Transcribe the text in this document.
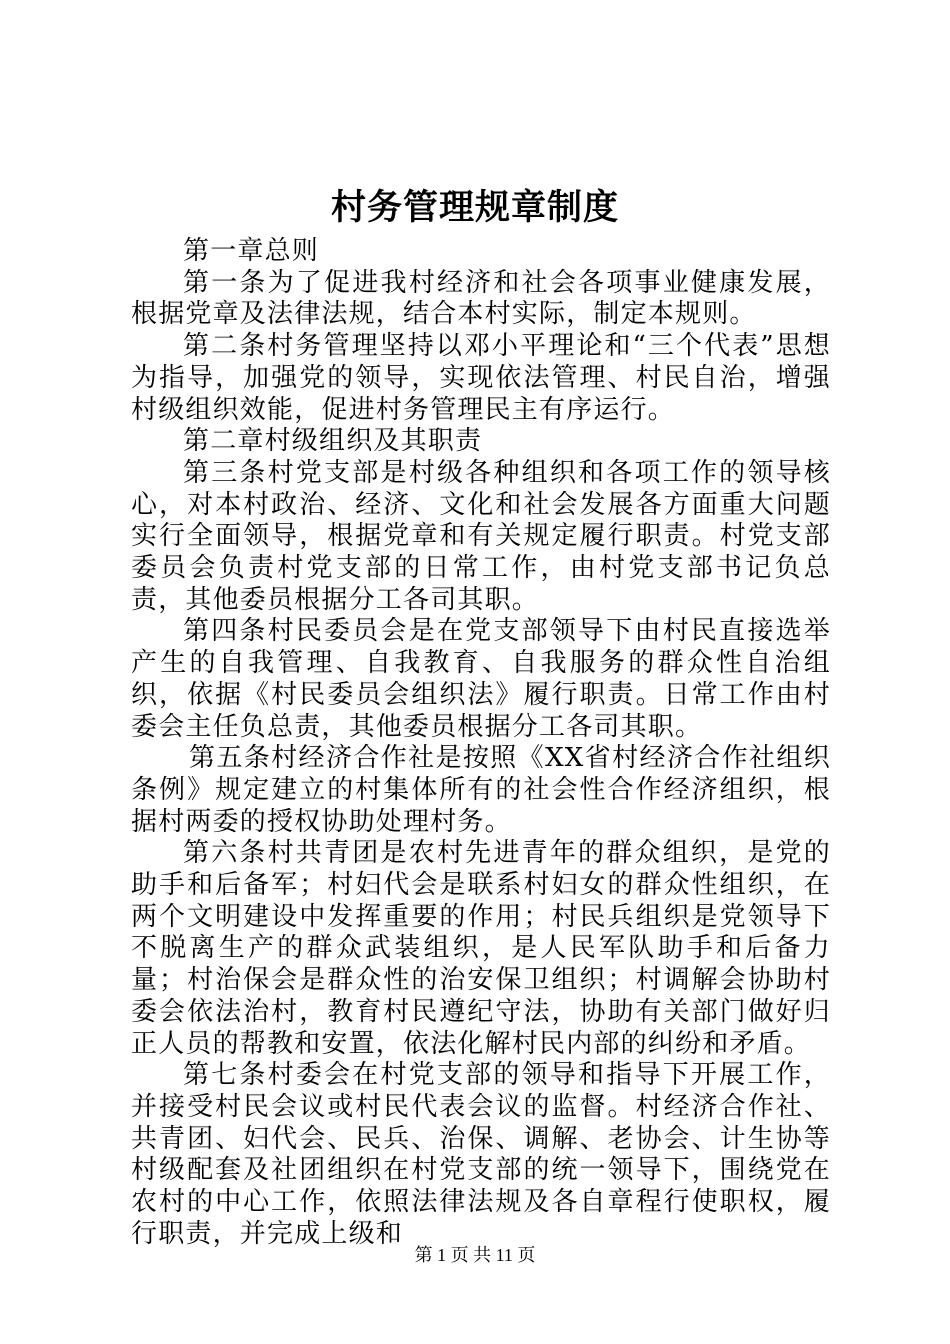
村务管理规章制度

第一章总则

第一条为了促进我村经济和社会各项事业健康发展，根据党章及法律法规，结合本村实际，制定本规则。

第二条村务管理坚持以邓小平理论和“三个代表”思想为指导，加强党的领导，实现依法管理、村民自治，增强村级组织效能，促进村务管理民主有序运行。

第二章村级组织及其职责

第三条村党支部是村级各种组织和各项工作的领导核心，对本村政治、经济、文化和社会发展各方面重大问题实行全面领导，根据党章和有关规定履行职责。村党支部委员会负责村党支部的日常工作，由村党支部书记负总责，其他委员根据分工各司其职。

第四条村民委员会是在党支部领导下由村民直接选举产生的自我管理、自我教育、自我服务的群众性自治组织，依据《村民委员会组织法》履行职责。日常工作由村委会主任负总责，其他委员根据分工各司其职。

第五条村经济合作社是按照《XX省村经济合作社组织条例》规定建立的村集体所有的社会性合作经济组织，根据村两委的授权协助处理村务。

第六条村共青团是农村先进青年的群众组织，是党的助手和后备军；村妇代会是联系村妇女的群众性组织，在两个文明建设中发挥重要的作用；村民兵组织是党领导下不脱离生产的群众武装组织，是人民军队助手和后备力量；村治保会是群众性的治安保卫组织；村调解会协助村委会依法治村，教育村民遵纪守法，协助有关部门做好归正人员的帮教和安置，依法化解村民内部的纠纷和矛盾。

第七条村委会在村党支部的领导和指导下开展工作，并接受村民会议或村民代表会议的监督。村经济合作社、共青团、妇代会、民兵、治保、调解、老协会、计生协等村级配套及社团组织在村党支部的统一领导下，围绕党在农村的中心工作，依照法律法规及各自章程行使职权，履行职责，并完成上级和

第 1 页 共 11 页
